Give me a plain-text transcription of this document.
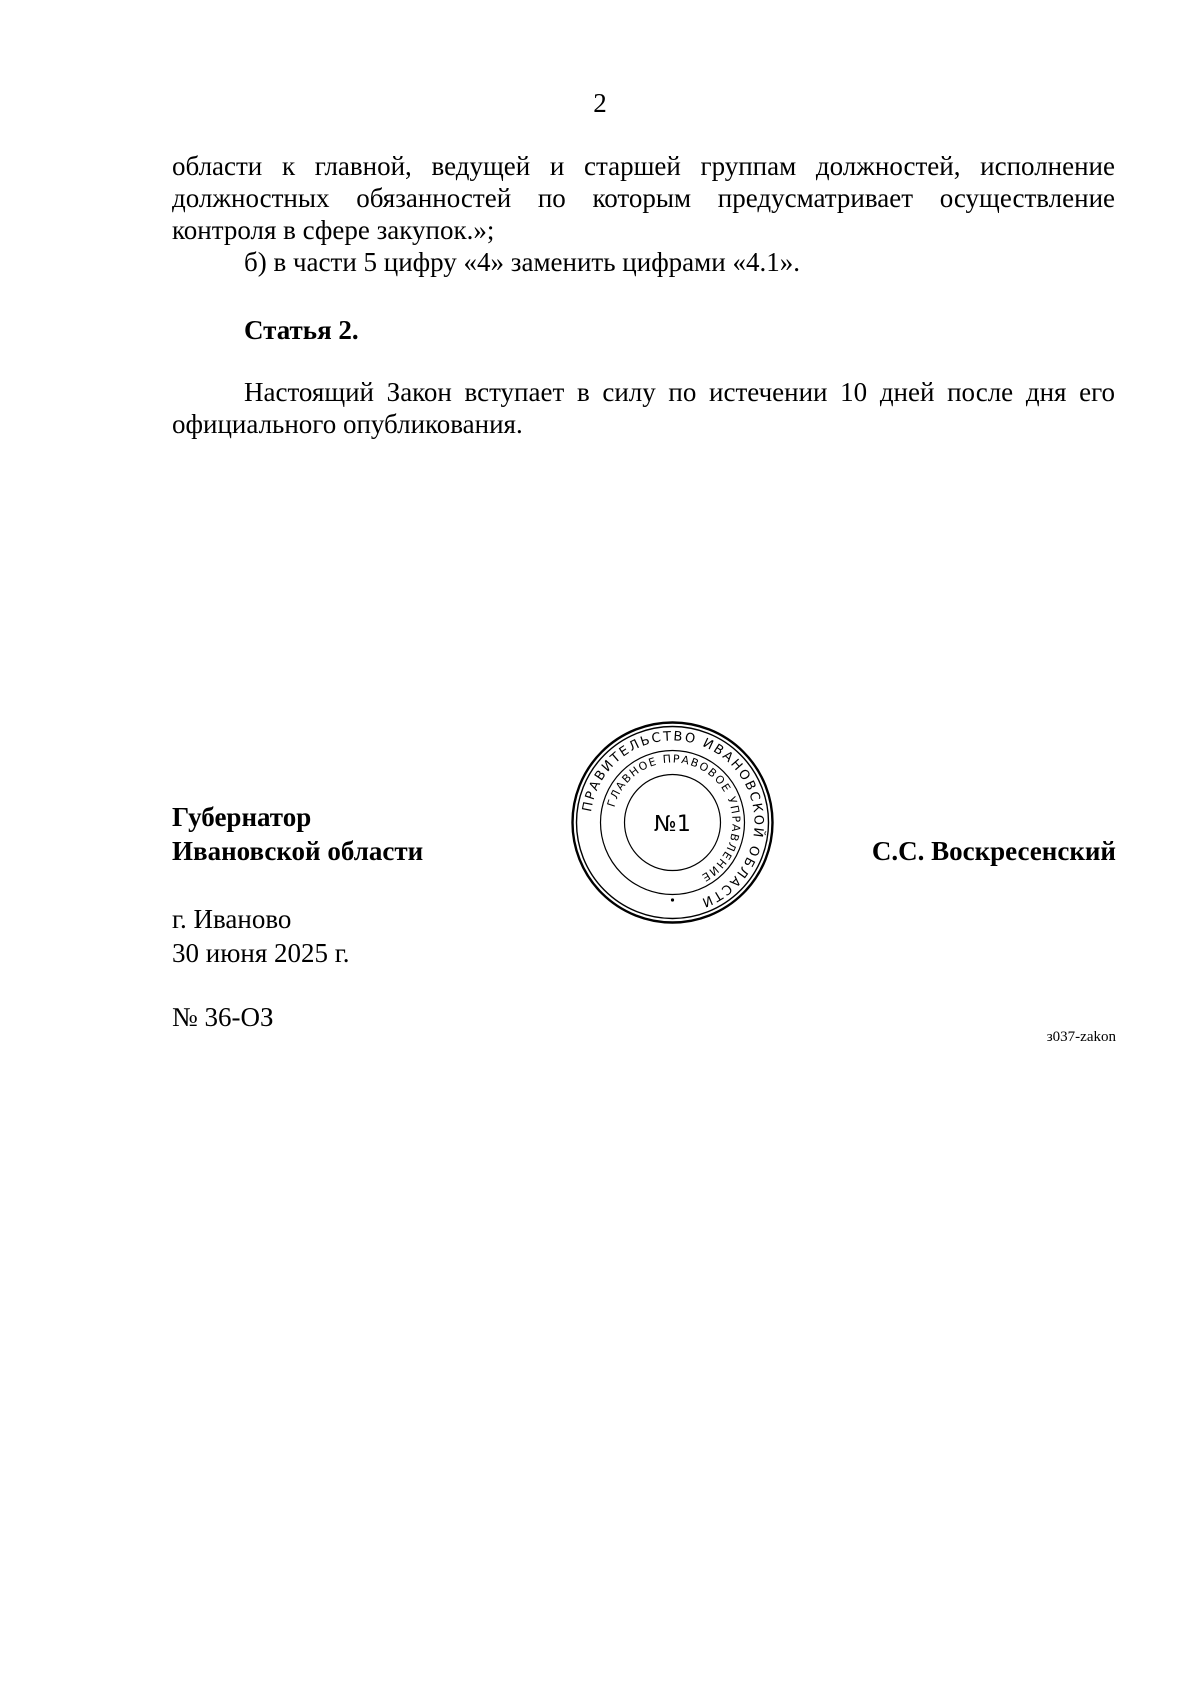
2
области к главной, ведущей и старшей группам должностей, исполнение
должностных обязанностей по которым предусматривает осуществление
контроля в сфере закупок.»;
б) в части 5 цифру «4» заменить цифрами «4.1».
Статья 2.
Настоящий Закон вступает в силу по истечении 10 дней после дня его
официального опубликования.
Губернатор
Ивановской области
ПРАВИТЕЛЬСТВО ИВАНОВСКОЙ ОБЛАСТИ
ГЛАВНОЕ ПРАВОВОЕ УПРАВЛЕНИЕ
№1
С.С. Воскресенский
г. Иваново
30 июня 2025 г.
№ 36-ОЗ
з037-zakon
